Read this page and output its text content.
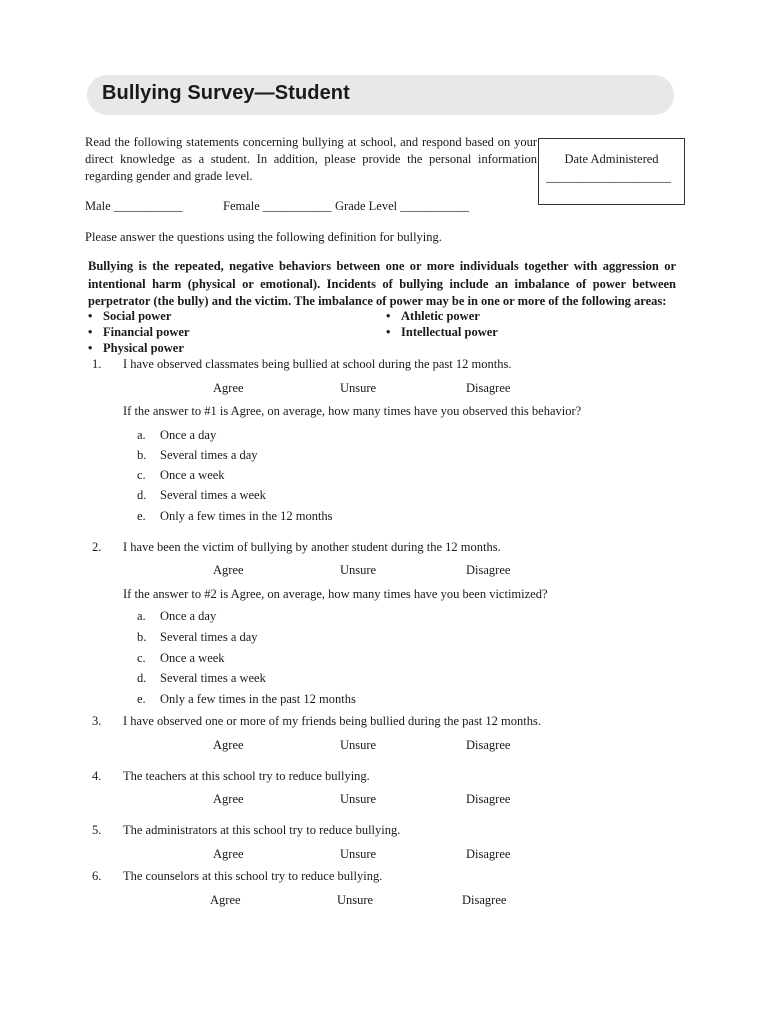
Bullying Survey—Student
Read the following statements concerning bullying at school, and respond based on your direct knowledge as a student. In addition, please provide the personal information regarding gender and grade level.
Date Administered
____________________
Male ___________	Female ___________ Grade Level ___________
Please answer the questions using the following definition for bullying.
Bullying is the repeated, negative behaviors between one or more individuals together with aggression or intentional harm (physical or emotional). Incidents of bullying include an imbalance of power between perpetrator (the bully) and the victim. The imbalance of power may be in one or more of the following areas:
• Social power
• Financial power
• Physical power
• Athletic power
• Intellectual power
1. I have observed classmates being bullied at school during the past 12 months.
Agree	Unsure	Disagree
If the answer to #1 is Agree, on average, how many times have you observed this behavior?
a. Once a day
b. Several times a day
c. Once a week
d. Several times a week
e. Only a few times in the 12 months
2. I have been the victim of bullying by another student during the 12 months.
Agree	Unsure	Disagree
If the answer to #2 is Agree, on average, how many times have you been victimized?
a. Once a day
b. Several times a day
c. Once a week
d. Several times a week
e. Only a few times in the past 12 months
3. I have observed one or more of my friends being bullied during the past 12 months.
Agree	Unsure	Disagree
4. The teachers at this school try to reduce bullying.
Agree	Unsure	Disagree
5. The administrators at this school try to reduce bullying.
Agree	Unsure	Disagree
6. The counselors at this school try to reduce bullying.
Agree	Unsure	Disagree
